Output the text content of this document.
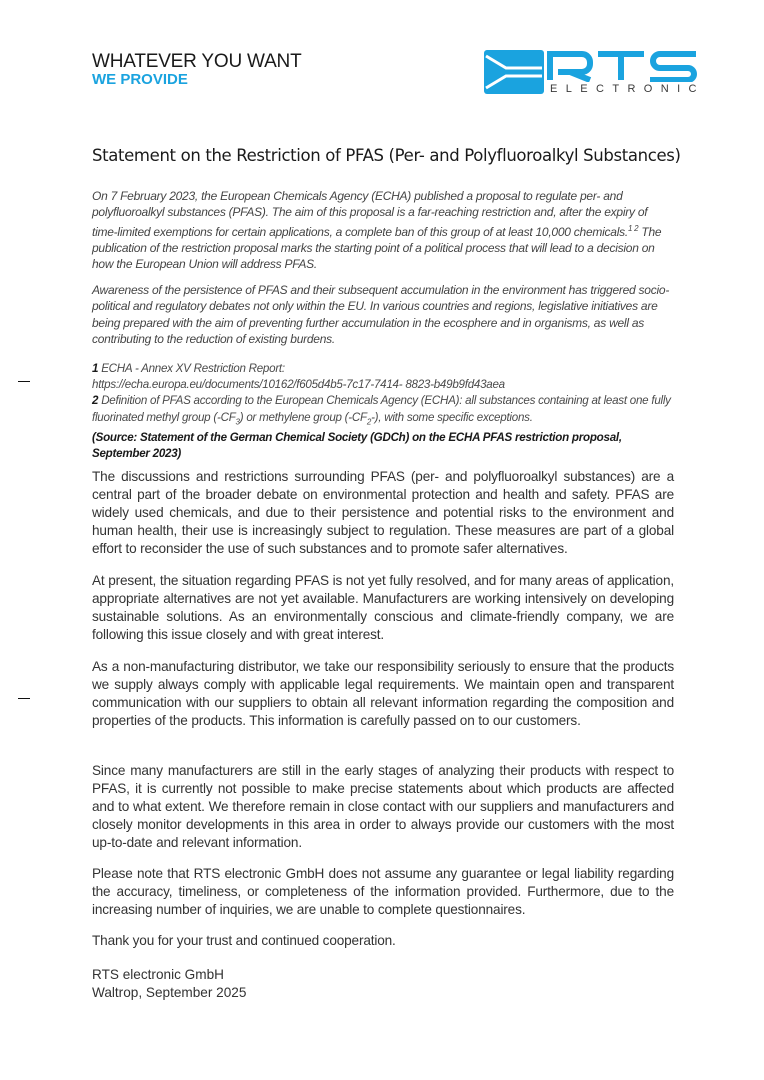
WHATEVER YOU WANT
WE PROVIDE
ELECTRONIC
Statement on the Restriction of PFAS (Per- and Polyfluoroalkyl Substances)

On 7 February 2023, the European Chemicals Agency (ECHA) published a proposal to regulate per- and polyfluoroalkyl substances (PFAS). The aim of this proposal is a far-reaching restriction and, after the expiry of time-limited exemptions for certain applications, a complete ban of this group of at least 10,000 chemicals.$^{1 2}$ The publication of the restriction proposal marks the starting point of a political process that will lead to a decision on how the European Union will address PFAS.

Awareness of the persistence of PFAS and their subsequent accumulation in the environment has triggered socio-political and regulatory debates not only within the EU. In various countries and regions, legislative initiatives are being prepared with the aim of preventing further accumulation in the ecosphere and in organisms, as well as contributing to the reduction of existing burdens.

1 ECHA - Annex XV Restriction Report:
https://echa.europa.eu/documents/10162/f605d4b5-7c17-7414- 8823-b49b9fd43aea
2 Definition of PFAS according to the European Chemicals Agency (ECHA): all substances containing at least one fully fluorinated methyl group $(-CF_3)$ or methylene group $(-CF_2-)$, with some specific exceptions.
(Source: Statement of the German Chemical Society (GDCh) on the ECHA PFAS restriction proposal, September 2023)

The discussions and restrictions surrounding PFAS (per- and polyfluoroalkyl substances) are a central part of the broader debate on environmental protection and health and safety. PFAS are widely used chemicals, and due to their persistence and potential risks to the environment and human health, their use is increasingly subject to regulation. These measures are part of a global effort to reconsider the use of such substances and to promote safer alternatives.

At present, the situation regarding PFAS is not yet fully resolved, and for many areas of application, appropriate alternatives are not yet available. Manufacturers are working intensively on developing sustainable solutions. As an environmentally conscious and climate-friendly company, we are following this issue closely and with great interest.

As a non-manufacturing distributor, we take our responsibility seriously to ensure that the products we supply always comply with applicable legal requirements. We maintain open and transparent communication with our suppliers to obtain all relevant information regarding the composition and properties of the products. This information is carefully passed on to our customers.

Since many manufacturers are still in the early stages of analyzing their products with respect to PFAS, it is currently not possible to make precise statements about which products are affected and to what extent. We therefore remain in close contact with our suppliers and manufacturers and closely monitor developments in this area in order to always provide our customers with the most up-to-date and relevant information.

Please note that RTS electronic GmbH does not assume any guarantee or legal liability regarding the accuracy, timeliness, or completeness of the information provided. Furthermore, due to the increasing number of inquiries, we are unable to complete questionnaires.

Thank you for your trust and continued cooperation.

RTS electronic GmbH
Waltrop, September 2025
